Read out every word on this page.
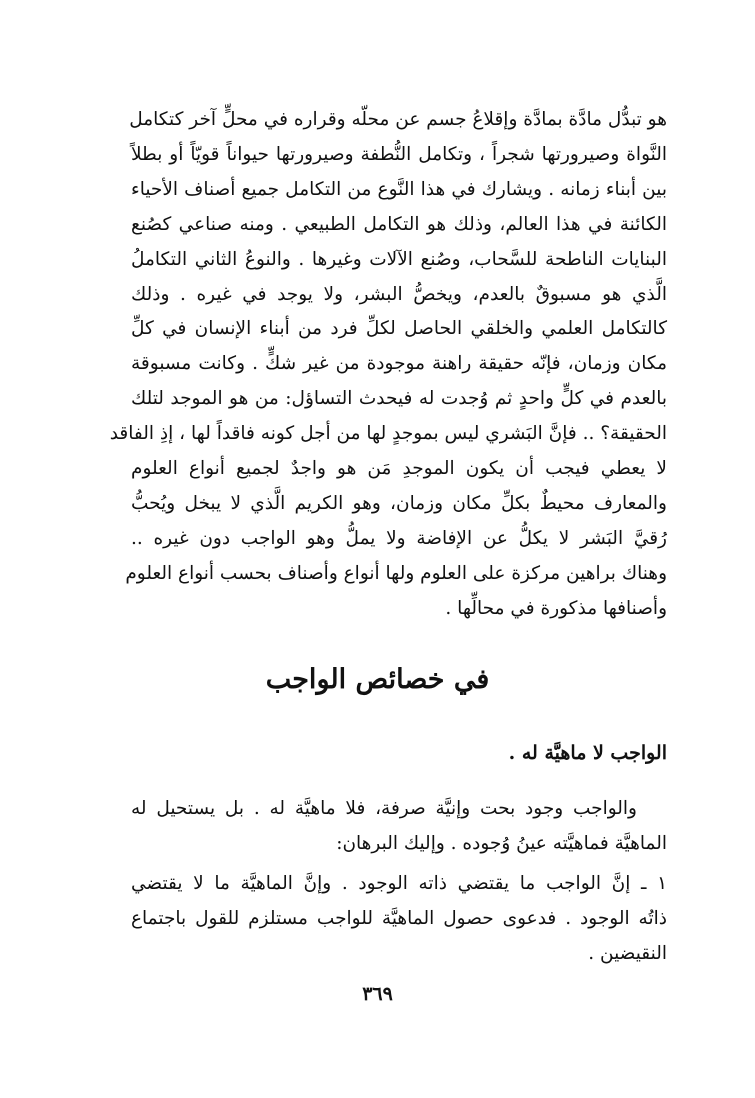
هو تبدُّل مادَّة بمادَّة وإقلاعُ جسم عن محلّه وقراره في محلٍّ آخر كتكامل
النَّواة وصيرورتها شجراً ، وتكامل النُّطفة وصيرورتها حيواناً قويّاً أو بطلاً
بين أبناء زمانه . ويشارك في هذا النَّوع من التكامل جميع أصناف الأحياء
الكائنة في هذا العالم، وذلك هو التكامل الطبيعي . ومنه صناعي كصُنع
البنايات الناطحة للسَّحاب، وصُنع الآلات وغيرها . والنوعُ الثاني التكاملُ
الَّذي هو مسبوقٌ بالعدم، ويخصُّ البشر، ولا يوجد في غيره . وذلك
كالتكامل العلمي والخلقي الحاصل لكلِّ فرد من أبناء الإنسان في كلِّ
مكان وزمان، فإنّه حقيقة راهنة موجودة من غير شكٍّ . وكانت مسبوقة
بالعدم في كلٍّ واحدٍ ثم وُجدت له فيحدث التساؤل: من هو الموجد لتلك
الحقيقة؟ .. فإنَّ البَشري ليس بموجدٍ لها من أجل كونه فاقداً لها ، إذِ الفاقد
لا يعطي فيجب أن يكون الموجدِ مَن هو واجدٌ لجميع أنواع العلوم
والمعارف محيطٌ بكلِّ مكان وزمان، وهو الكريم الَّذي لا يبخل ويُحبُّ
رُقيَّ البَشر لا يكلُّ عن الإفاضة ولا يملُّ وهو الواجب دون غيره ..
وهناك براهين مركزة على العلوم ولها أنواع وأصناف بحسب أنواع العلوم
وأصنافها مذكورة في محالِّها .
في خصائص الواجب
الواجب لا ماهيَّة له .
والواجب وجود بحت وإنيَّة صرفة، فلا ماهيَّة له . بل يستحيل له
الماهيَّة فماهيَّته عينُ وُجوده . وإليك البرهان:
١ ـ إنَّ الواجب ما يقتضي ذاته الوجود . وإنَّ الماهيَّة ما لا يقتضي
ذاتُه الوجود . فدعوى حصول الماهيَّة للواجب مستلزم للقول باجتماع
النقيضين .
٣٦٩
